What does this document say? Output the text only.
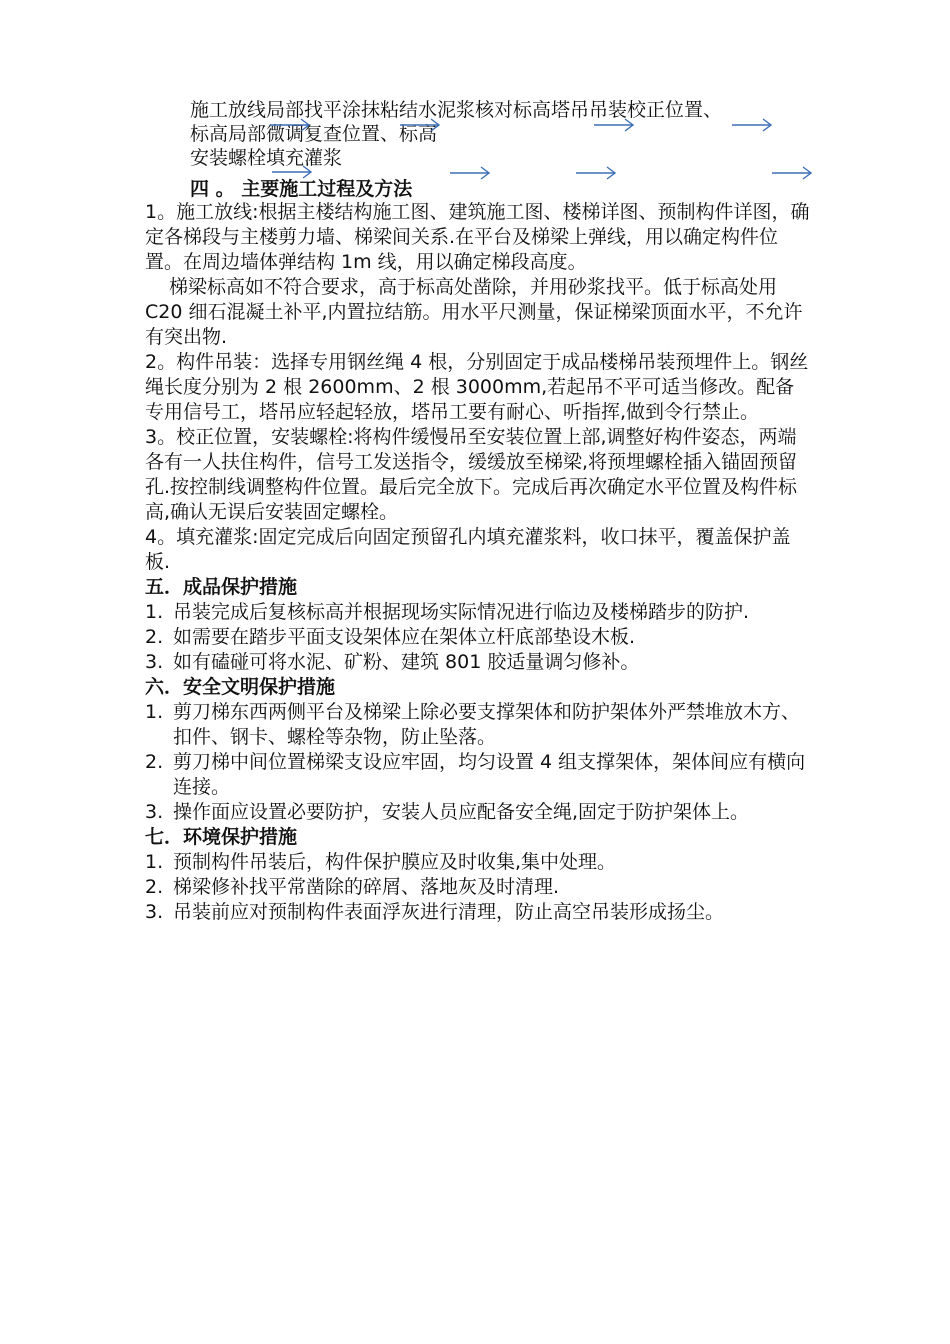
施工放线局部找平涂抹粘结水泥浆核对标高塔吊吊装校正位置、
标高局部微调复查位置、标高
安装螺栓填充灌浆
四 。 主要施工过程及方法

1。施工放线:根据主楼结构施工图、建筑施工图、楼梯详图、预制构件详图，确定各梯段与主楼剪力墙、梯梁间关系.在平台及梯梁上弹线，用以确定构件位置。在周边墙体弹结构 1m 线，用以确定梯段高度。

梯梁标高如不符合要求，高于标高处凿除，并用砂浆找平。低于标高处用 C20 细石混凝土补平,内置拉结筋。用水平尺测量，保证梯梁顶面水平，不允许有突出物.

2。构件吊装：选择专用钢丝绳 4 根，分别固定于成品楼梯吊装预埋件上。钢丝绳长度分别为 2 根 2600mm、2 根 3000mm,若起吊不平可适当修改。配备专用信号工，塔吊应轻起轻放，塔吊工要有耐心、听指挥,做到令行禁止。

3。校正位置，安装螺栓:将构件缓慢吊至安装位置上部,调整好构件姿态，两端各有一人扶住构件，信号工发送指令，缓缓放至梯梁,将预埋螺栓插入锚固预留孔.按控制线调整构件位置。最后完全放下。完成后再次确定水平位置及构件标高,确认无误后安装固定螺栓。

4。填充灌浆:固定完成后向固定预留孔内填充灌浆料，收口抹平，覆盖保护盖板.

五．成品保护措施
1. 吊装完成后复核标高并根据现场实际情况进行临边及楼梯踏步的防护.
2. 如需要在踏步平面支设架体应在架体立杆底部垫设木板.
3. 如有磕碰可将水泥、矿粉、建筑 801 胶适量调匀修补。
六．安全文明保护措施
1. 剪刀梯东西两侧平台及梯梁上除必要支撑架体和防护架体外严禁堆放木方、扣件、钢卡、螺栓等杂物，防止坠落。
2. 剪刀梯中间位置梯梁支设应牢固，均匀设置 4 组支撑架体，架体间应有横向连接。
3. 操作面应设置必要防护，安装人员应配备安全绳,固定于防护架体上。
七．环境保护措施
1. 预制构件吊装后，构件保护膜应及时收集,集中处理。
2. 梯梁修补找平常凿除的碎屑、落地灰及时清理.
3. 吊装前应对预制构件表面浮灰进行清理，防止高空吊装形成扬尘。
